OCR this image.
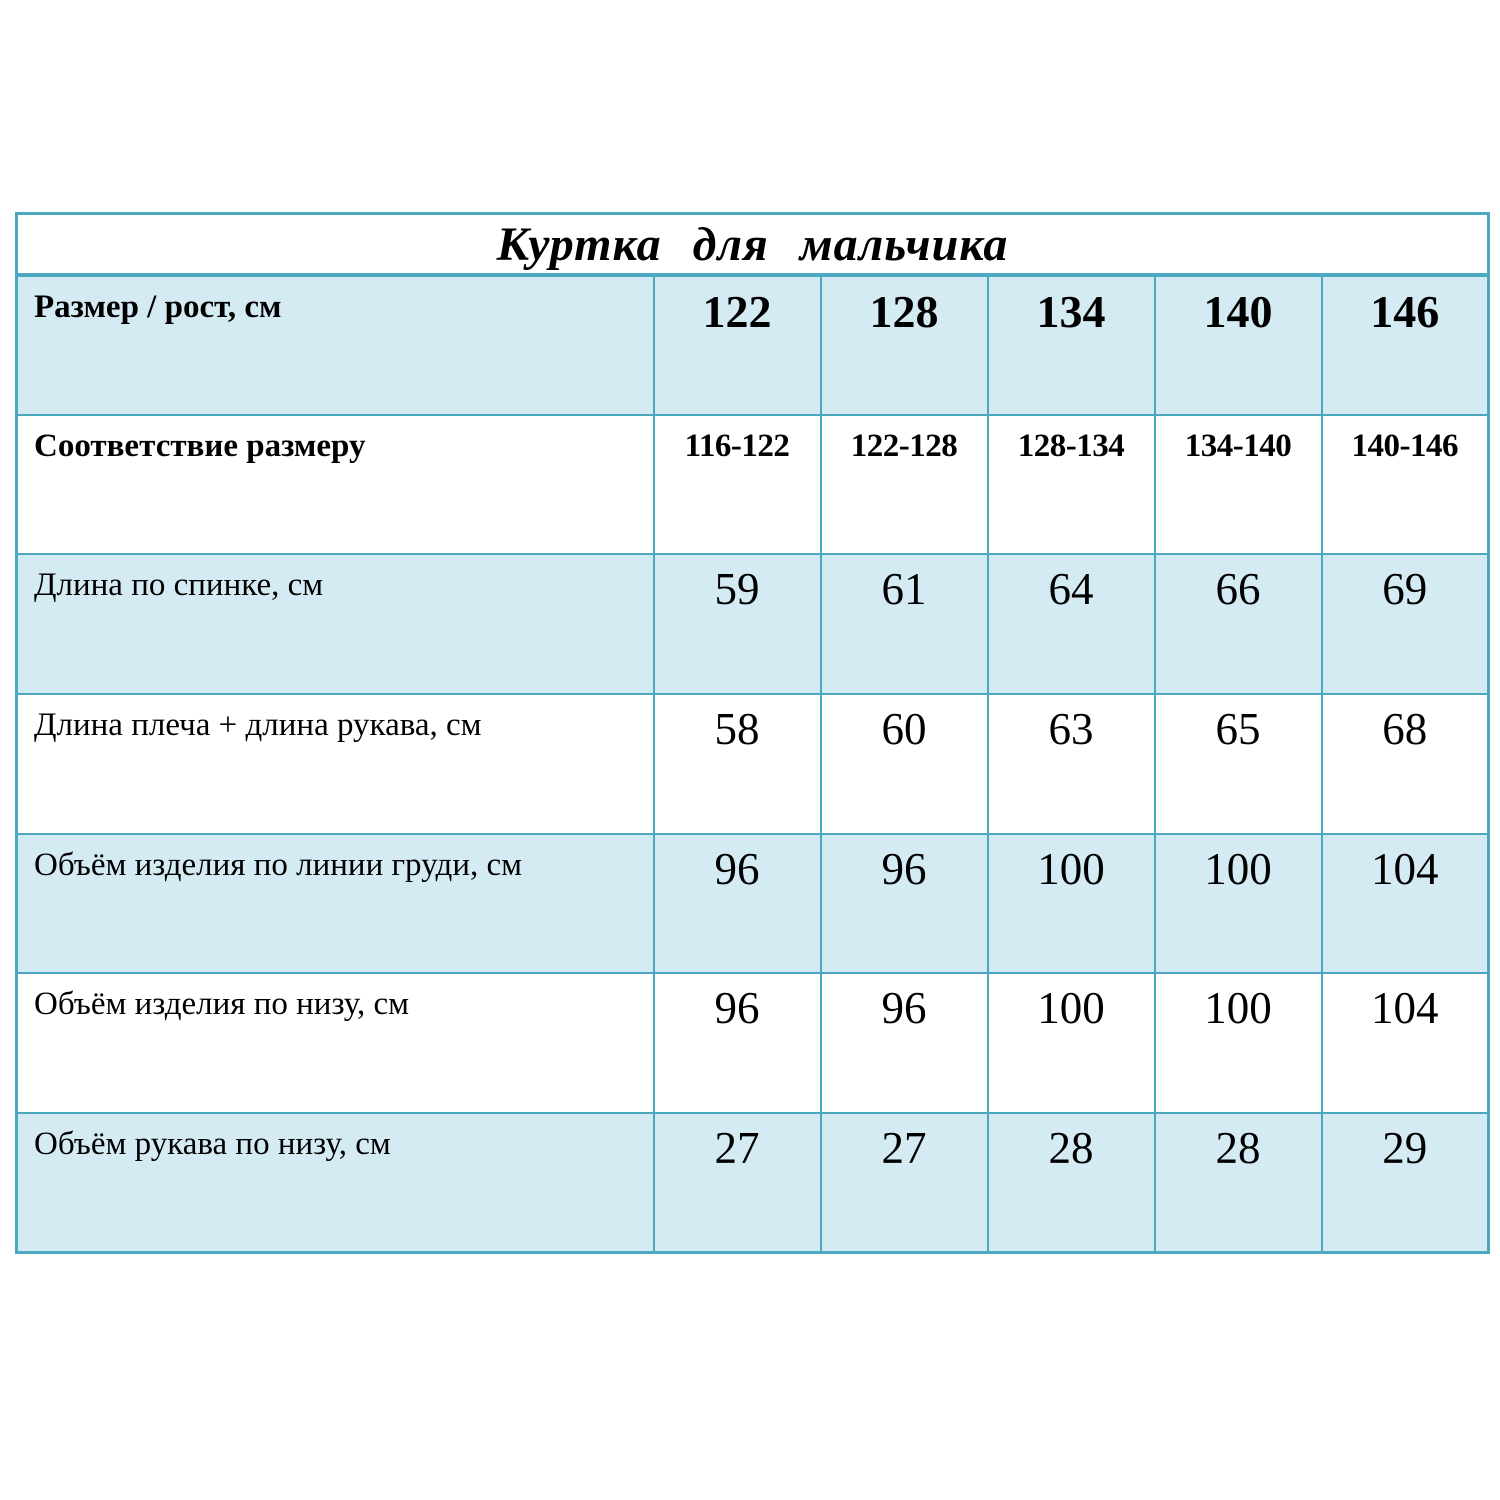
Куртка для мальчика					
Размер / рост, см	122	128	134	140	146
Соответствие размеру	116-122	122-128	128-134	134-140	140-146
Длина по спинке, см	59	61	64	66	69
Длина плеча + длина рукава, см	58	60	63	65	68
Объём изделия по линии груди, см	96	96	100	100	104
Объём изделия по низу, см	96	96	100	100	104
Объём рукава по низу, см	27	27	28	28	29
